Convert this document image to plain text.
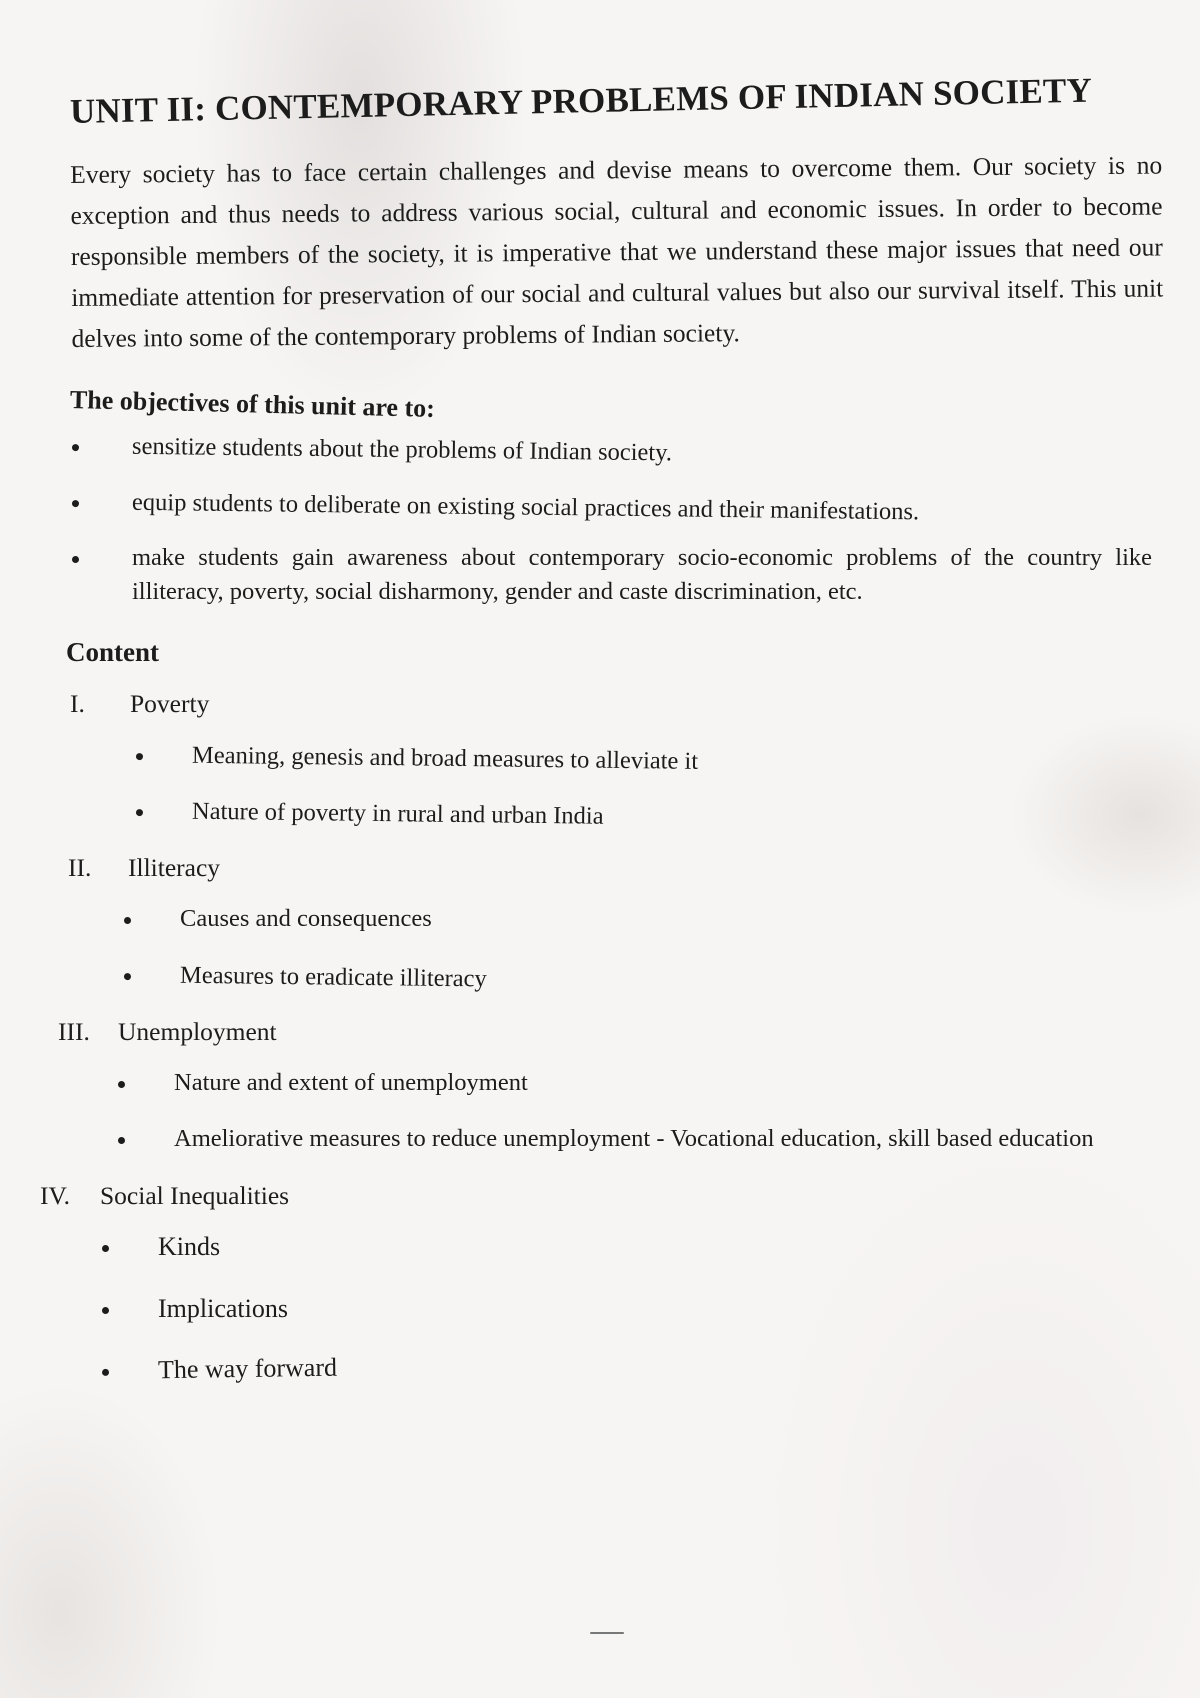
UNIT II: CONTEMPORARY PROBLEMS OF INDIAN SOCIETY

Every society has to face certain challenges and devise means to overcome them. Our society is no exception and thus needs to address various social, cultural and economic issues. In order to become responsible members of the society, it is imperative that we understand these major issues that need our immediate attention for preservation of our social and cultural values but also our survival itself. This unit delves into some of the contemporary problems of Indian society.

The objectives of this unit are to:
sensitize students about the problems of Indian society.
equip students to deliberate on existing social practices and their manifestations.
make students gain awareness about contemporary socio-economic problems of the country like illiteracy, poverty, social disharmony, gender and caste discrimination, etc.
Content
I.	Poverty
Meaning, genesis and broad measures to alleviate it
Nature of poverty in rural and urban India
II.	Illiteracy
Causes and consequences
Measures to eradicate illiteracy
III.	Unemployment
Nature and extent of unemployment
Ameliorative measures to reduce unemployment - Vocational education, skill based education
IV.	Social Inequalities
Kinds
Implications
The way forward
